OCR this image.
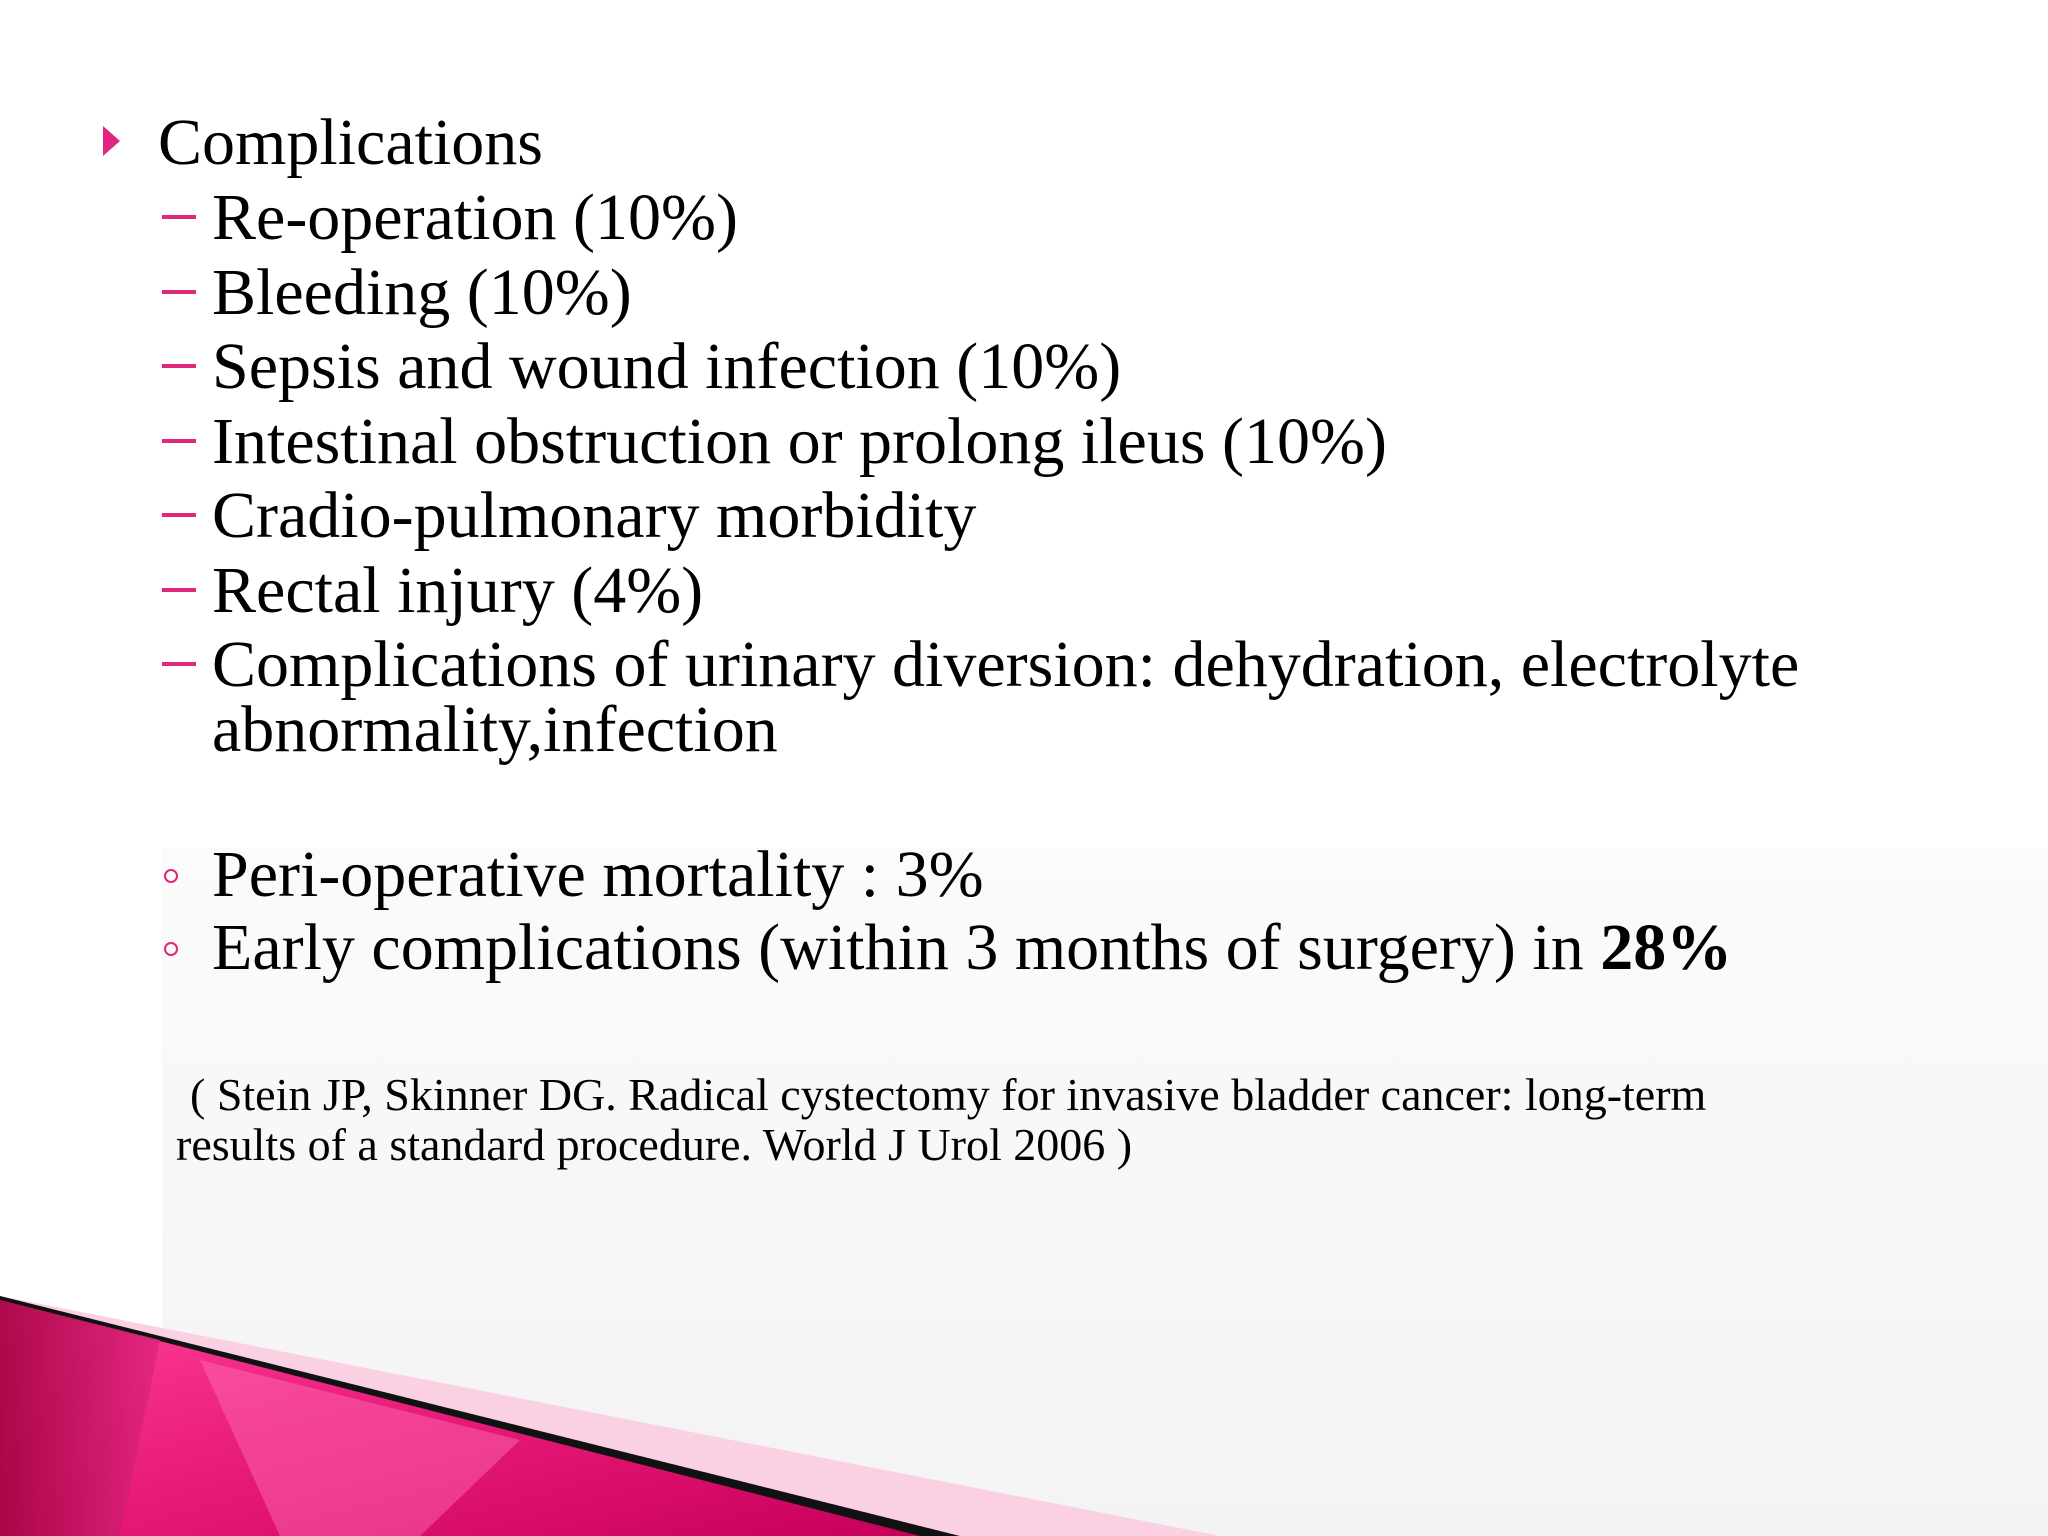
Complications
Re-operation (10%)
Bleeding (10%)
Sepsis and wound infection (10%)
Intestinal obstruction or prolong ileus (10%)
Cradio-pulmonary morbidity
Rectal injury (4%)
Complications of urinary diversion: dehydration, electrolyte
abnormality,infection
Peri-operative mortality : 3%
Early complications (within 3 months of surgery) in 28%
( Stein JP, Skinner DG. Radical cystectomy for invasive bladder cancer: long-term
results of a standard procedure. World J Urol 2006 )
